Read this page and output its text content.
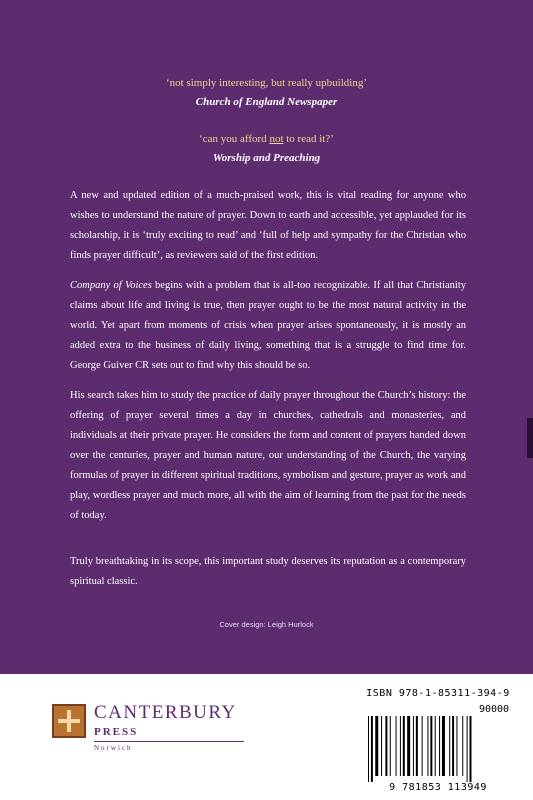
‘not simply interesting, but really upbuilding’
Church of England Newspaper
‘can you afford not to read it?’
Worship and Preaching
A new and updated edition of a much-praised work, this is vital reading for anyone who wishes to understand the nature of prayer. Down to earth and accessible, yet applauded for its scholarship, it is ‘truly exciting to read’ and ‘full of help and sympathy for the Christian who finds prayer difficult’, as reviewers said of the first edition.
Company of Voices begins with a problem that is all-too recognizable. If all that Christianity claims about life and living is true, then prayer ought to be the most natural activity in the world. Yet apart from moments of crisis when prayer arises spontaneously, it is mostly an added extra to the business of daily living, something that is a struggle to find time for. George Guiver CR sets out to find why this should be so.
His search takes him to study the practice of daily prayer throughout the Church’s history: the offering of prayer several times a day in churches, cathedrals and monasteries, and individuals at their private prayer. He considers the form and content of prayers handed down over the centuries, prayer and human nature, our understanding of the Church, the varying formulas of prayer in different spiritual traditions, symbolism and gesture, prayer as work and play, wordless prayer and much more, all with the aim of learning from the past for the needs of today.
Truly breathtaking in its scope, this important study deserves its reputation as a contemporary spiritual classic.
Cover design: Leigh Hurlock
CANTERBURY
PRESS
Norwich
ISBN 978-1-85311-394-9
90000
9 781853 113949
